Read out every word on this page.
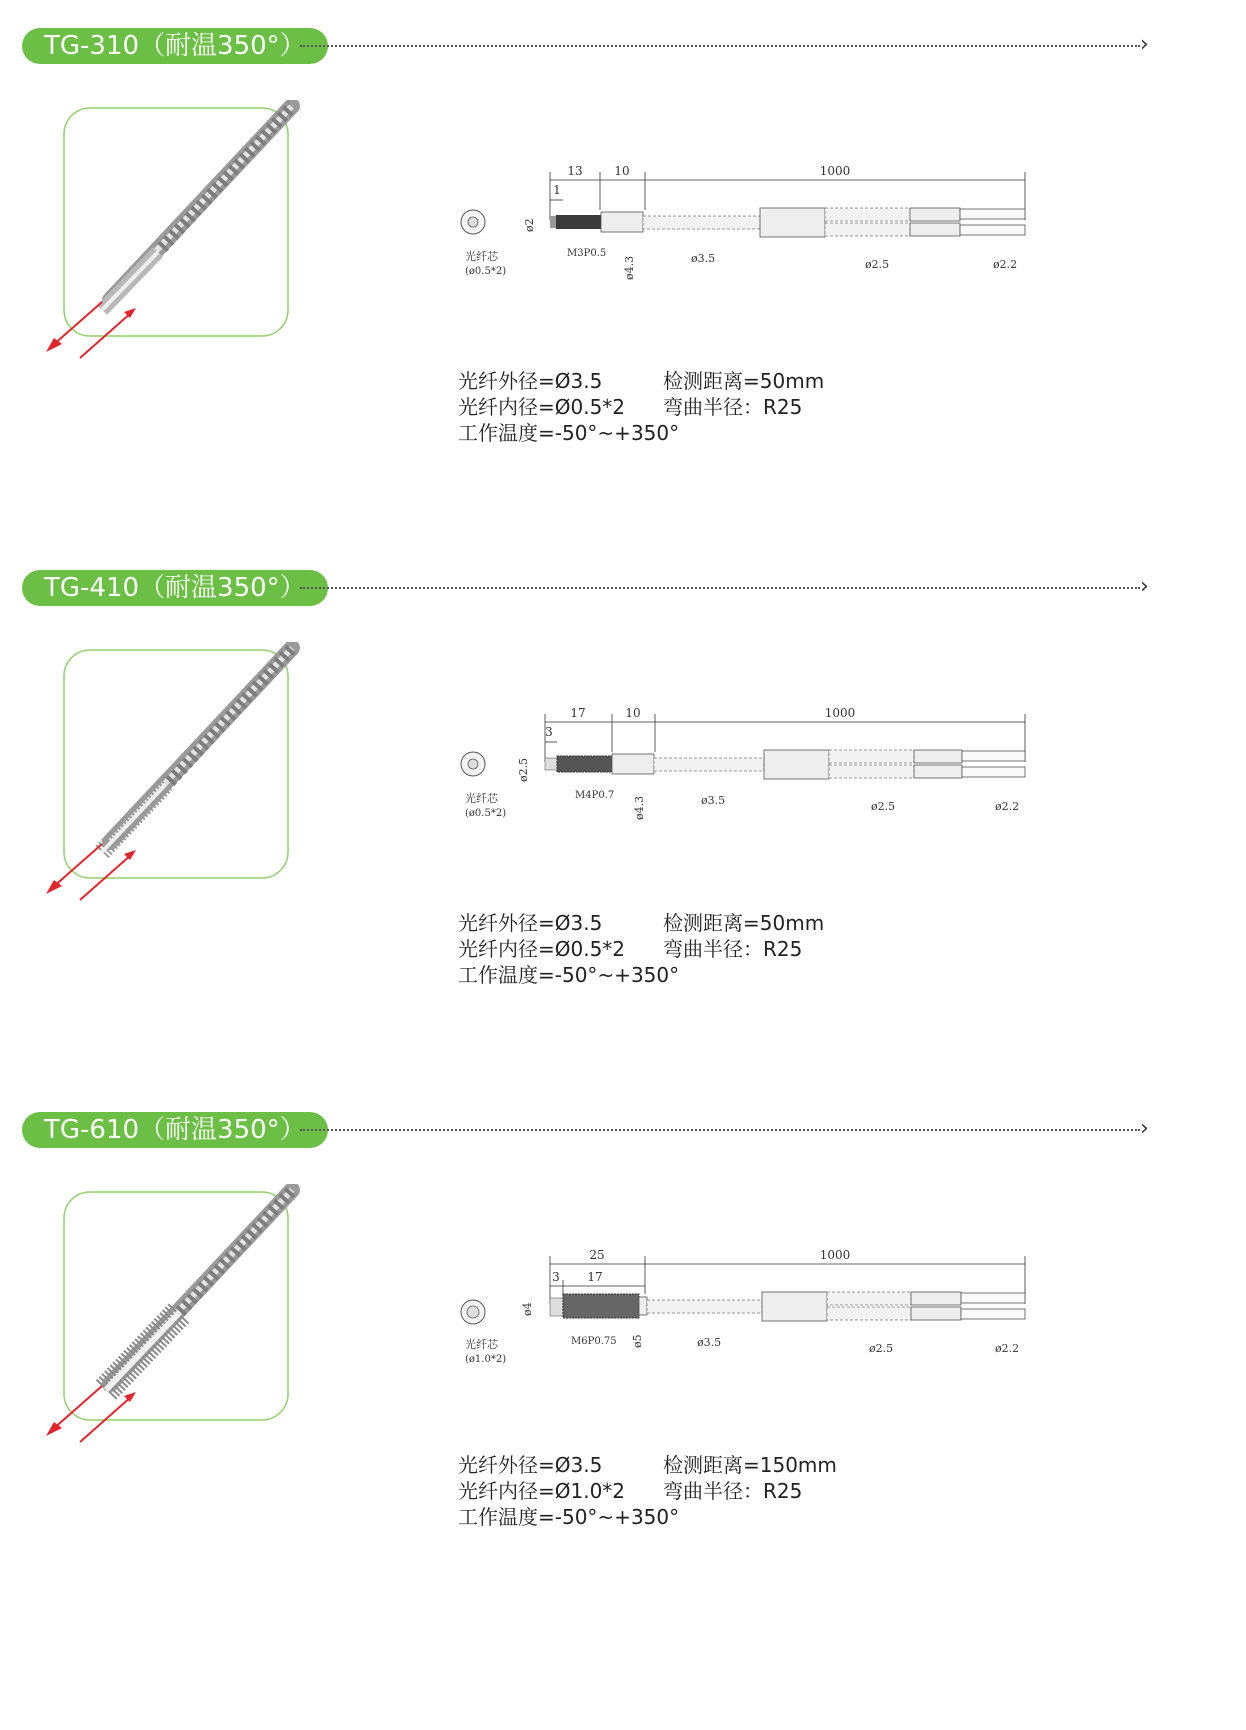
TG-310（耐温350°）	›
13	10	1000
1
ø2
M3P0.5
ø4.3	ø3.5	ø2.5	ø2.2
光纤芯
(ø0.5*2)
光纤外径=Ø3.5	检测距离=50mm
光纤内径=Ø0.5*2	弯曲半径：R25
工作温度=-50°~+350°
TG-410（耐温350°）	›
17	10	1000
3
ø2.5
M4P0.7
ø4.3	ø3.5	ø2.5	ø2.2
光纤芯
(ø0.5*2)
光纤外径=Ø3.5	检测距离=50mm
光纤内径=Ø0.5*2	弯曲半径：R25
工作温度=-50°~+350°
TG-610（耐温350°）	›
25
17
1000
3
ø4
M6P0.75 ø5	ø3.5	ø2.5	ø2.2
光纤芯
(ø1.0*2)
光纤外径=Ø3.5	检测距离=150mm
光纤内径=Ø1.0*2	弯曲半径：R25
工作温度=-50°~+350°
